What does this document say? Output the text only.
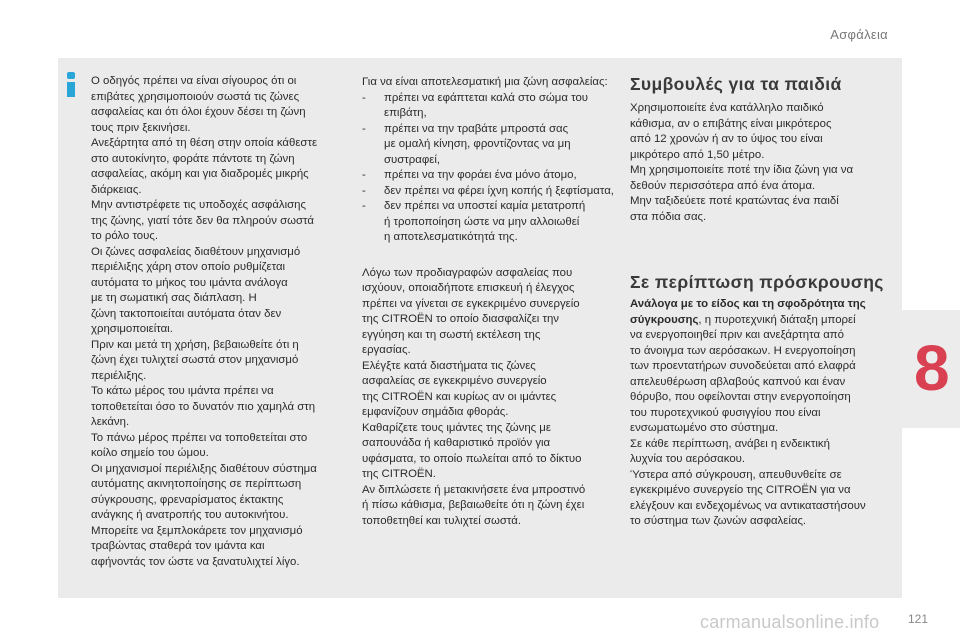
Ασφάλεια

Ο οδηγός πρέπει να είναι σίγουρος ότι οι

επιβάτες χρησιμοποιούν σωστά τις ζώνες

ασφαλείας και ότι όλοι έχουν δέσει τη ζώνη

τους πριν ξεκινήσει.

Ανεξάρτητα από τη θέση στην οποία κάθεστε

στο αυτοκίνητο, φοράτε πάντοτε τη ζώνη

ασφαλείας, ακόμη και για διαδρομές μικρής

διάρκειας.

Μην αντιστρέφετε τις υποδοχές ασφάλισης

της ζώνης, γιατί τότε δεν θα πληρούν σωστά

το ρόλο τους.

Οι ζώνες ασφαλείας διαθέτουν μηχανισμό

περιέλιξης χάρη στον οποίο ρυθμίζεται

αυτόματα το μήκος του ιμάντα ανάλογα

με τη σωματική σας διάπλαση. Η

ζώνη τακτοποιείται αυτόματα όταν δεν

χρησιμοποιείται.

Πριν και μετά τη χρήση, βεβαιωθείτε ότι η

ζώνη έχει τυλιχτεί σωστά στον μηχανισμό

περιέλιξης.

Το κάτω μέρος του ιμάντα πρέπει να

τοποθετείται όσο το δυνατόν πιο χαμηλά στη

λεκάνη.

Το πάνω μέρος πρέπει να τοποθετείται στο

κοίλο σημείο του ώμου.

Οι μηχανισμοί περιέλιξης διαθέτουν σύστημα

αυτόματης ακινητοποίησης σε περίπτωση

σύγκρουσης, φρεναρίσματος έκτακτης

ανάγκης ή ανατροπής του αυτοκινήτου.

Μπορείτε να ξεμπλοκάρετε τον μηχανισμό

τραβώντας σταθερά τον ιμάντα και

αφήνοντάς τον ώστε να ξανατυλιχτεί λίγο.

Για να είναι αποτελεσματική μια ζώνη ασφαλείας:

-	πρέπει να εφάπτεται καλά στο σώμα του

επιβάτη,

-	πρέπει να την τραβάτε μπροστά σας

με ομαλή κίνηση, φροντίζοντας να μη

συστραφεί,

-	πρέπει να την φοράει ένα μόνο άτομο,

-	δεν πρέπει να φέρει ίχνη κοπής ή ξεφτίσματα,

-	δεν πρέπει να υποστεί καμία μετατροπή

ή τροποποίηση ώστε να μην αλλοιωθεί

η αποτελεσματικότητά της.

Λόγω των προδιαγραφών ασφαλείας που

ισχύουν, οποιαδήποτε επισκευή ή έλεγχος

πρέπει να γίνεται σε εγκεκριμένο συνεργείο

της CITROËN το οποίο διασφαλίζει την

εγγύηση και τη σωστή εκτέλεση της

εργασίας.

Ελέγξτε κατά διαστήματα τις ζώνες

ασφαλείας σε εγκεκριμένο συνεργείο

της CITROËN και κυρίως αν οι ιμάντες

εμφανίζουν σημάδια φθοράς.

Καθαρίζετε τους ιμάντες της ζώνης με

σαπουνάδα ή καθαριστικό προϊόν για

υφάσματα, το οποίο πωλείται από το δίκτυο

της CITROËN.

Αν διπλώσετε ή μετακινήσετε ένα μπροστινό

ή πίσω κάθισμα, βεβαιωθείτε ότι η ζώνη έχει

τοποθετηθεί και τυλιχτεί σωστά.

Συμβουλές για τα παιδιά

Χρησιμοποιείτε ένα κατάλληλο παιδικό

κάθισμα, αν ο επιβάτης είναι μικρότερος

από 12 χρονών ή αν το ύψος του είναι

μικρότερο από 1,50 μέτρο.

Μη χρησιμοποιείτε ποτέ την ίδια ζώνη για να

δεθούν περισσότερα από ένα άτομα.

Μην ταξιδεύετε ποτέ κρατώντας ένα παιδί

στα πόδια σας.

Σε περίπτωση πρόσκρουσης

Ανάλογα με το είδος και τη σφοδρότητα της

σύγκρουσης, η πυροτεχνική διάταξη μπορεί

να ενεργοποιηθεί πριν και ανεξάρτητα από

το άνοιγμα των αερόσακων. Η ενεργοποίηση

των προεντατήρων συνοδεύεται από ελαφρά

απελευθέρωση αβλαβούς καπνού και έναν

θόρυβο, που οφείλονται στην ενεργοποίηση

του πυροτεχνικού φυσιγγίου που είναι

ενσωματωμένο στο σύστημα.

Σε κάθε περίπτωση, ανάβει η ενδεικτική

λυχνία του αερόσακου.

Ύστερα από σύγκρουση, απευθυνθείτε σε

εγκεκριμένο συνεργείο της CITROËN για να

ελέγξουν και ενδεχομένως να αντικαταστήσουν

το σύστημα των ζωνών ασφαλείας.

8
carmanualsonline.info 121
